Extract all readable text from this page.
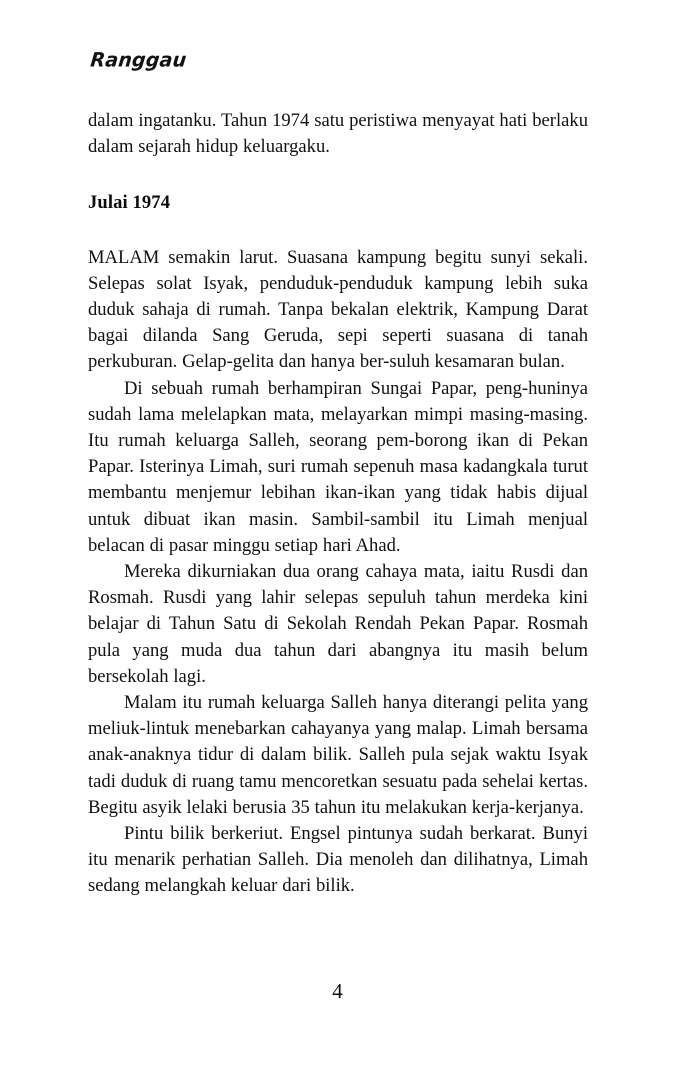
Ranggau

dalam ingatanku. Tahun 1974 satu peristiwa menyayat hati berlaku dalam sejarah hidup keluargaku.

Julai 1974

MALAM semakin larut. Suasana kampung begitu sunyi sekali. Selepas solat Isyak, penduduk-penduduk kampung lebih suka duduk sahaja di rumah. Tanpa bekalan elektrik, Kampung Darat bagai dilanda Sang Geruda, sepi seperti suasana di tanah perkuburan. Gelap-gelita dan hanya ber-suluh kesamaran bulan.

Di sebuah rumah berhampiran Sungai Papar, peng-huninya sudah lama melelapkan mata, melayarkan mimpi masing-masing. Itu rumah keluarga Salleh, seorang pem-borong ikan di Pekan Papar. Isterinya Limah, suri rumah sepenuh masa kadangkala turut membantu menjemur lebihan ikan-ikan yang tidak habis dijual untuk dibuat ikan masin. Sambil-sambil itu Limah menjual belacan di pasar minggu setiap hari Ahad.

Mereka dikurniakan dua orang cahaya mata, iaitu Rusdi dan Rosmah. Rusdi yang lahir selepas sepuluh tahun merdeka kini belajar di Tahun Satu di Sekolah Rendah Pekan Papar. Rosmah pula yang muda dua tahun dari abangnya itu masih belum bersekolah lagi.

Malam itu rumah keluarga Salleh hanya diterangi pelita yang meliuk-lintuk menebarkan cahayanya yang malap. Limah bersama anak-anaknya tidur di dalam bilik. Salleh pula sejak waktu Isyak tadi duduk di ruang tamu mencoretkan sesuatu pada sehelai kertas. Begitu asyik lelaki berusia 35 tahun itu melakukan kerja-kerjanya.

Pintu bilik berkeriut. Engsel pintunya sudah berkarat. Bunyi itu menarik perhatian Salleh. Dia menoleh dan dilihatnya, Limah sedang melangkah keluar dari bilik.

4
